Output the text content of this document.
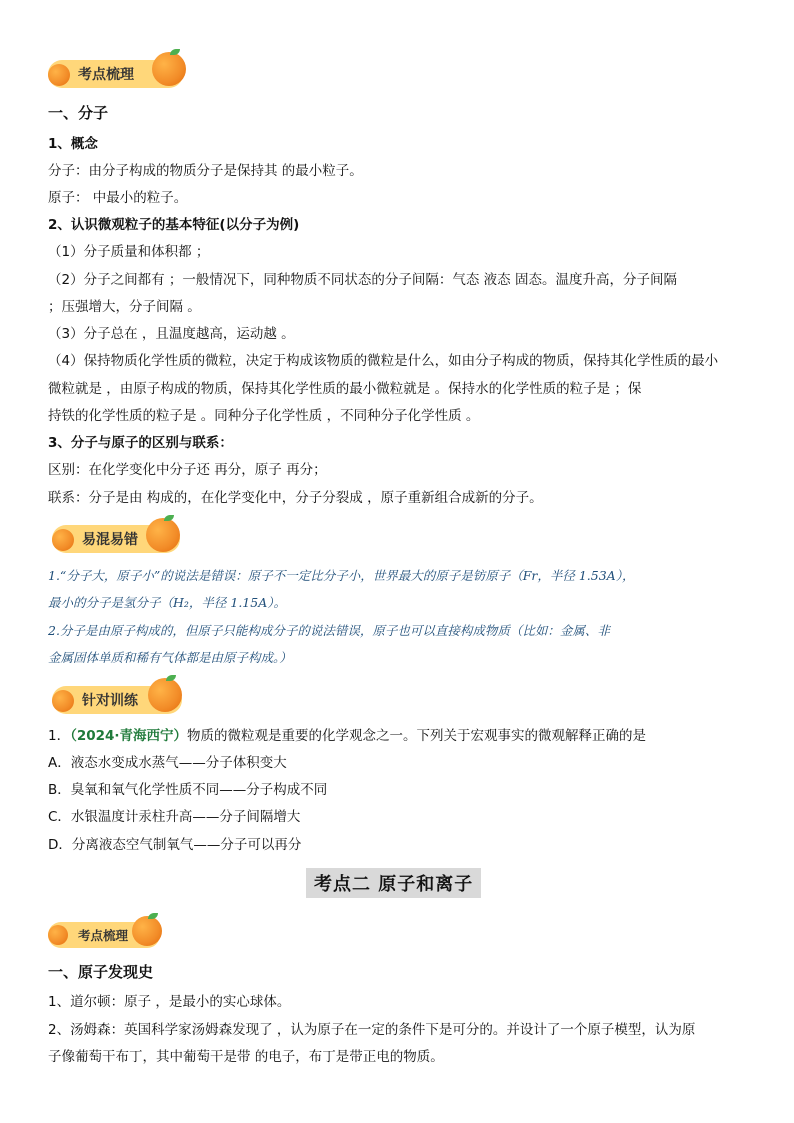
考点梳理
一、分子
1、概念
分子：由分子构成的物质分子是保持其 的最小粒子。
原子： 中最小的粒子。
2、认识微观粒子的基本特征(以分子为例)
（1）分子质量和体积都 ；
（2）分子之间都有 ；一般情况下，同种物质不同状态的分子间隔：气态 液态 固态。温度升高，分子间隔
；压强增大，分子间隔 。
（3）分子总在 ，且温度越高，运动越 。
（4）保持物质化学性质的微粒，决定于构成该物质的微粒是什么，如由分子构成的物质，保持其化学性质的最小
微粒就是 ，由原子构成的物质，保持其化学性质的最小微粒就是 。保持水的化学性质的粒子是 ；保
持铁的化学性质的粒子是 。同种分子化学性质 ，不同种分子化学性质 。
3、分子与原子的区别与联系：
区别：在化学变化中分子还 再分，原子 再分；
联系：分子是由 构成的，在化学变化中，分子分裂成 ，原子重新组合成新的分子。
易混易错
1.“分子大，原子小”的说法是错误：原子不一定比分子小，世界最大的原子是钫原子（Fr，半径 1.53A），
最小的分子是氢分子（H₂，半径 1.15A）。
2.分子是由原子构成的，但原子只能构成分子的说法错误，原子也可以直接构成物质（比如：金属、非
金属固体单质和稀有气体都是由原子构成。）
针对训练
1．（2024·青海西宁）物质的微粒观是重要的化学观念之一。下列关于宏观事实的微观解释正确的是
A．液态水变成水蒸气——分子体积变大
B．臭氧和氧气化学性质不同——分子构成不同
C．水银温度计汞柱升高——分子间隔增大
D．分离液态空气制氧气——分子可以再分
考点二 原子和离子
考点梳理
一、原子发现史
1、道尔顿：原子 ，是最小的实心球体。
2、汤姆森：英国科学家汤姆森发现了 ，认为原子在一定的条件下是可分的。并设计了一个原子模型，认为原
子像葡萄干布丁，其中葡萄干是带 的电子，布丁是带正电的物质。
